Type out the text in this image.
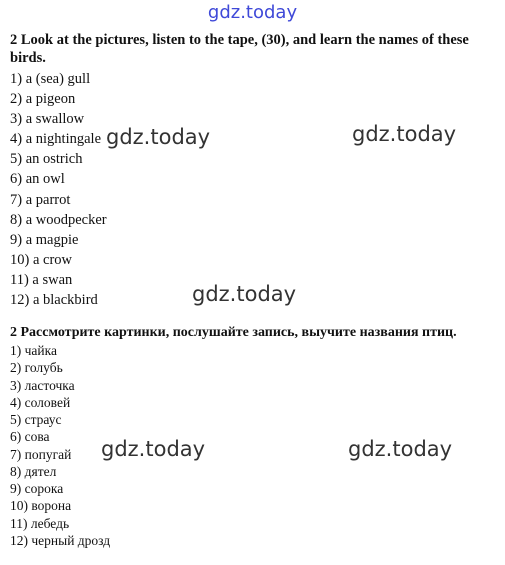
gdz.today
2 Look at the pictures, listen to the tape, (30), and learn the names of these birds.
1) a (sea) gull
2) a pigeon
3) a swallow
4) a nightingale
5) an ostrich
6) an owl
7) a parrot
8) a woodpecker
9) a magpie
10) a crow
11) a swan
12) a blackbird
2 Рассмотрите картинки, послушайте запись, выучите названия птиц.
1) чайка
2) голубь
3) ласточка
4) соловей
5) страус
6) сова
7) попугай
8) дятел
9) сорока
10) ворона
11) лебедь
12) черный дрозд
gdz.today	gdz.today
gdz.today
gdz.today	gdz.today
